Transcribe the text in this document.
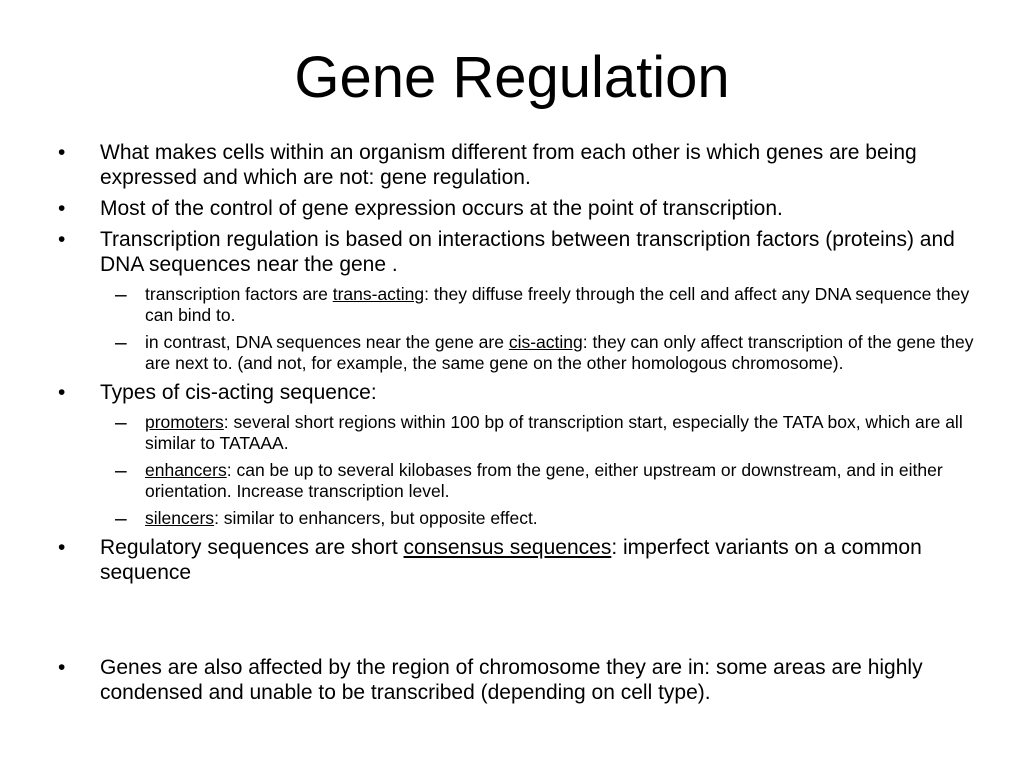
Gene Regulation
• What makes cells within an organism different from each other is which genes are being expressed and which are not: gene regulation.
• Most of the control of gene expression occurs at the point of transcription.
• Transcription regulation is based on interactions between transcription factors (proteins) and DNA sequences near the gene .
– transcription factors are trans-acting: they diffuse freely through the cell and affect any DNA sequence they can bind to.
– in contrast, DNA sequences near the gene are cis-acting: they can only affect transcription of the gene they are next to. (and not, for example, the same gene on the other homologous chromosome).
• Types of cis-acting sequence:
– promoters: several short regions within 100 bp of transcription start, especially the TATA box, which are all similar to TATAAA.
– enhancers: can be up to several kilobases from the gene, either upstream or downstream, and in either orientation. Increase transcription level.
– silencers: similar to enhancers, but opposite effect.
• Regulatory sequences are short consensus sequences: imperfect variants on a common sequence
• Genes are also affected by the region of chromosome they are in: some areas are highly condensed and unable to be transcribed (depending on cell type).
